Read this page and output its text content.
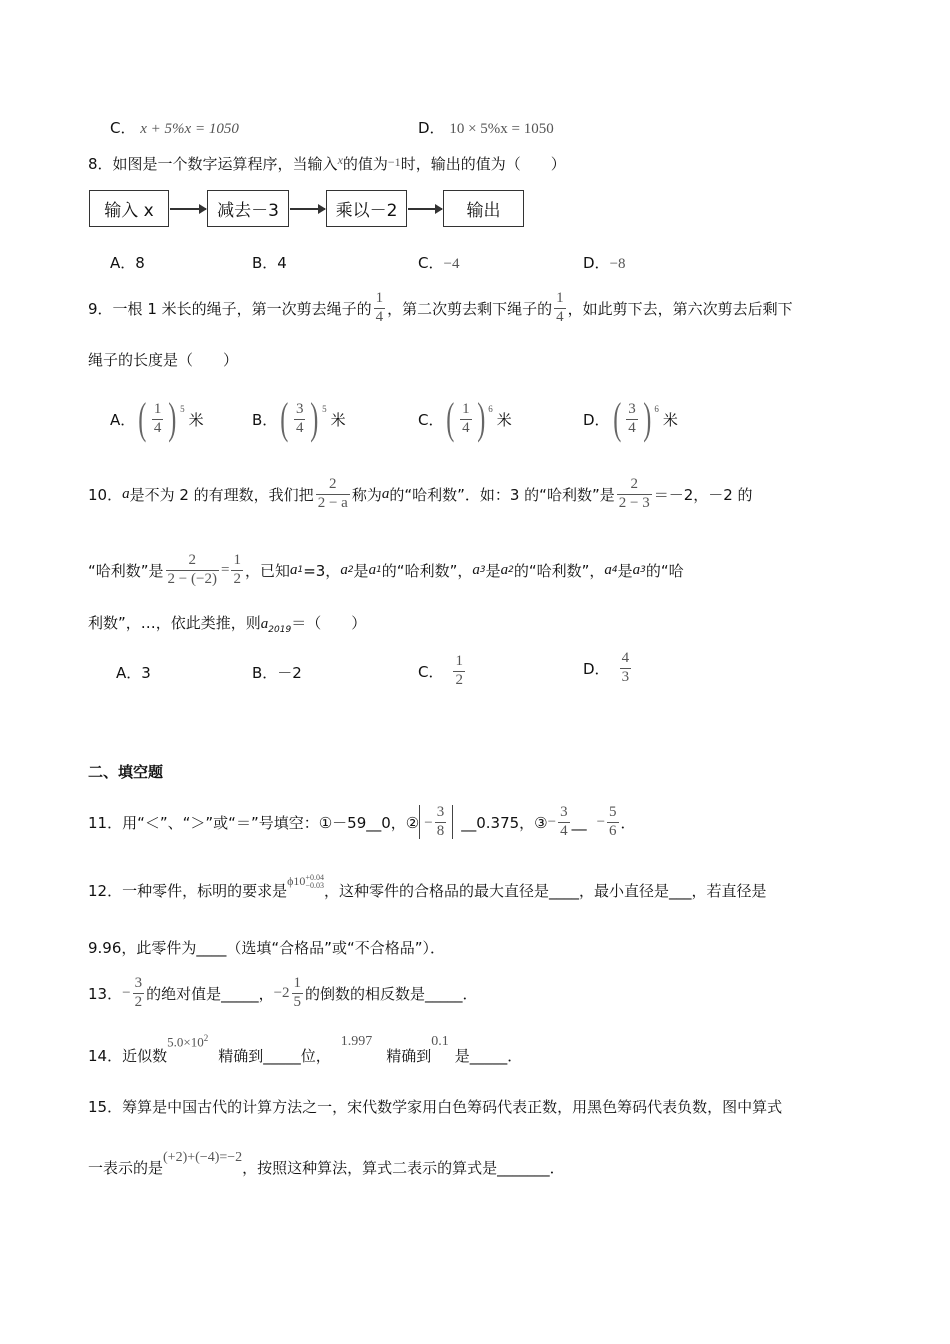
C． x + 5%x = 1050	D． 10 × 5%x = 1050
8．如图是一个数字运算程序，当输入$^x$的值为$^{-1}$时，输出的值为（　　）
输入 x	减去－3	乘以－2	输出
A．8	B．4	C．−4	D．−8
9． 一根 1 米长的绳子，第一次剪去绳子的 $\frac{1}{4}$ ，第二次剪去剩下绳子的 $\frac{1}{4}$ ，如此剪下去，第六次剪去后剩下
绳子的长度是（　　）
A． ( $\frac{1}{4}$ ) 5
米	B． ( $\frac{3}{4}$ ) 5
米	C． ( $\frac{1}{4}$ ) 6
米	D． ( $\frac{3}{4}$ ) 6
米
10． a 是不为 2 的有理数，我们把 $\frac{2}{2 - a}$ 称为 a 的“哈利数”．如：3 的“哈利数”是 $\frac{2}{2 - 3} =-2$，－2 的
“哈利数”是 $\frac{2}{2 - (-2)} = \frac{1}{2}$ ，已知 a 1 =3， a 2 是 a 1 的“哈利数”， a 3 是 a 2 的“哈利数”， a 4 是 a 3 的“哈
利数”，…，依此类推，则$a_{2019}=$（　　）
A．3	B．－2	C． $\frac{1}{2}$	D． $\frac{4}{3}$
二、填空题
11． 用“＜”、“＞”或“＝”号填空：①－59__0，② − $\frac{3}{8}$ __0.375，③ − $\frac{3}{4}$ __ − $\frac{5}{6}$ ．
12． 一种零件，标明的要求是
ϕ10 +0.04
−0.03 ，这种零件的合格品的最大直径是____，最小直径是___，若直径是
9.96，此零件为____（选填“合格品”或“不合格品”）．
13． − $\frac{3}{2}$ 的绝对值是_____， − $2 \frac{1}{5}$ 的倒数的相反数是_____．
14． 近似数
$5.0\times 10^2$
精确到_____位，
1.997
精确到
0.1
是_____．
15．筹算是中国古代的计算方法之一，宋代数学家用白色筹码代表正数，用黑色筹码代表负数，图中算式
一表示的是
(+2)+(−4)=−2
，按照这种算法，算式二表示的算式是_______．
